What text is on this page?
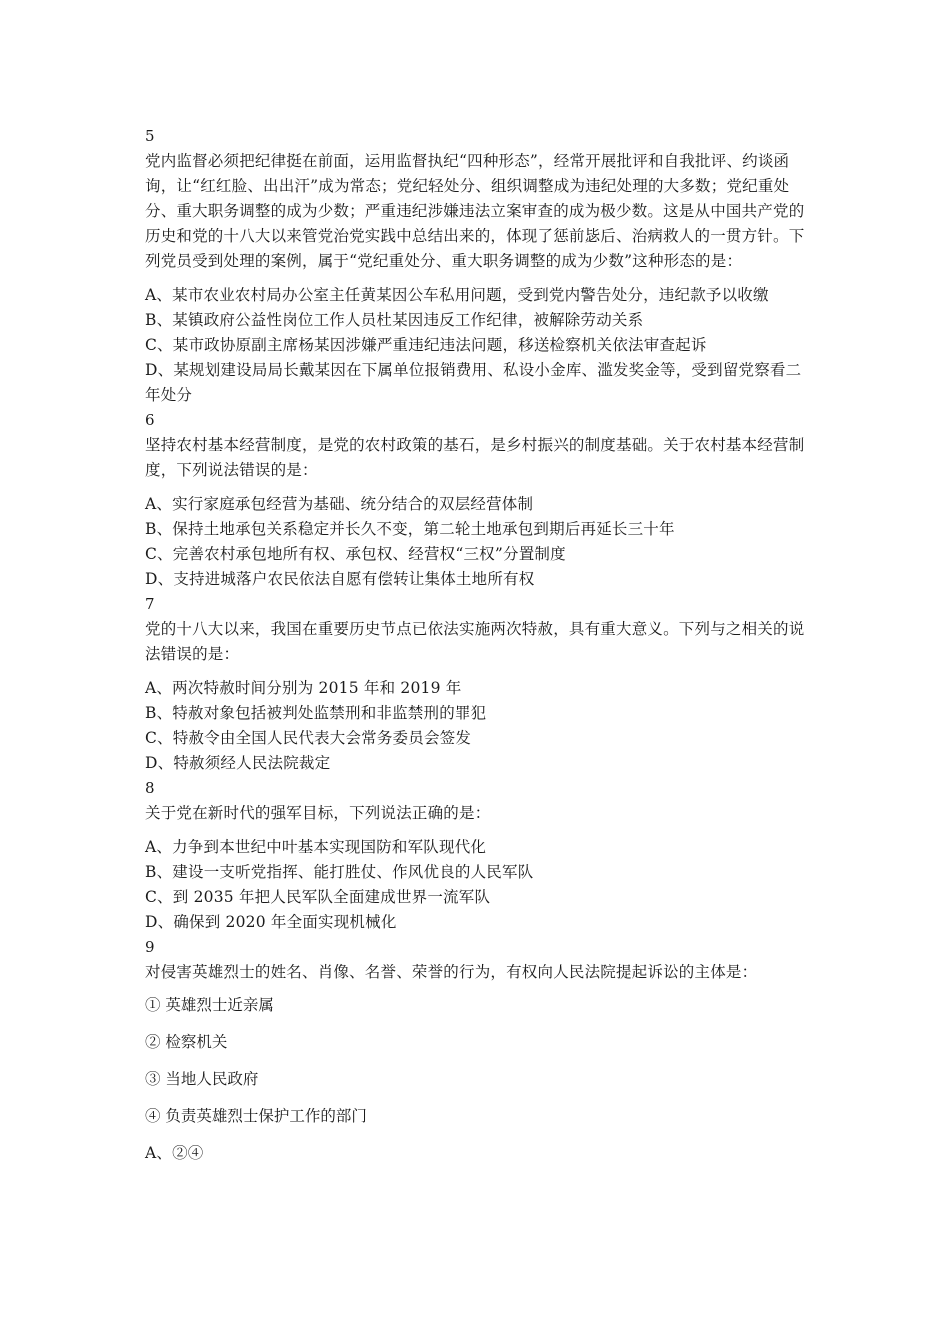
5

党内监督必须把纪律挺在前面，运用监督执纪“四种形态”，经常开展批评和自我批评、约谈函询，让“红红脸、出出汗”成为常态；党纪轻处分、组织调整成为违纪处理的大多数；党纪重处分、重大职务调整的成为少数；严重违纪涉嫌违法立案审查的成为极少数。这是从中国共产党的历史和党的十八大以来管党治党实践中总结出来的，体现了惩前毖后、治病救人的一贯方针。下列党员受到处理的案例，属于“党纪重处分、重大职务调整的成为少数”这种形态的是：

A、某市农业农村局办公室主任黄某因公车私用问题，受到党内警告处分，违纪款予以收缴
B、某镇政府公益性岗位工作人员杜某因违反工作纪律，被解除劳动关系
C、某市政协原副主席杨某因涉嫌严重违纪违法问题，移送检察机关依法审查起诉
D、某规划建设局局长戴某因在下属单位报销费用、私设小金库、滥发奖金等，受到留党察看二年处分
6

坚持农村基本经营制度，是党的农村政策的基石，是乡村振兴的制度基础。关于农村基本经营制度，下列说法错误的是：

A、实行家庭承包经营为基础、统分结合的双层经营体制
B、保持土地承包关系稳定并长久不变，第二轮土地承包到期后再延长三十年
C、完善农村承包地所有权、承包权、经营权“三权”分置制度
D、支持进城落户农民依法自愿有偿转让集体土地所有权
7

党的十八大以来，我国在重要历史节点已依法实施两次特赦，具有重大意义。下列与之相关的说法错误的是：

A、两次特赦时间分别为 2015 年和 2019 年
B、特赦对象包括被判处监禁刑和非监禁刑的罪犯
C、特赦令由全国人民代表大会常务委员会签发
D、特赦须经人民法院裁定
8

关于党在新时代的强军目标，下列说法正确的是：

A、力争到本世纪中叶基本实现国防和军队现代化
B、建设一支听党指挥、能打胜仗、作风优良的人民军队
C、到 2035 年把人民军队全面建成世界一流军队
D、确保到 2020 年全面实现机械化
9

对侵害英雄烈士的姓名、肖像、名誉、荣誉的行为，有权向人民法院提起诉讼的主体是：

① 英雄烈士近亲属
② 检察机关
③ 当地人民政府
④ 负责英雄烈士保护工作的部门
A、②④
